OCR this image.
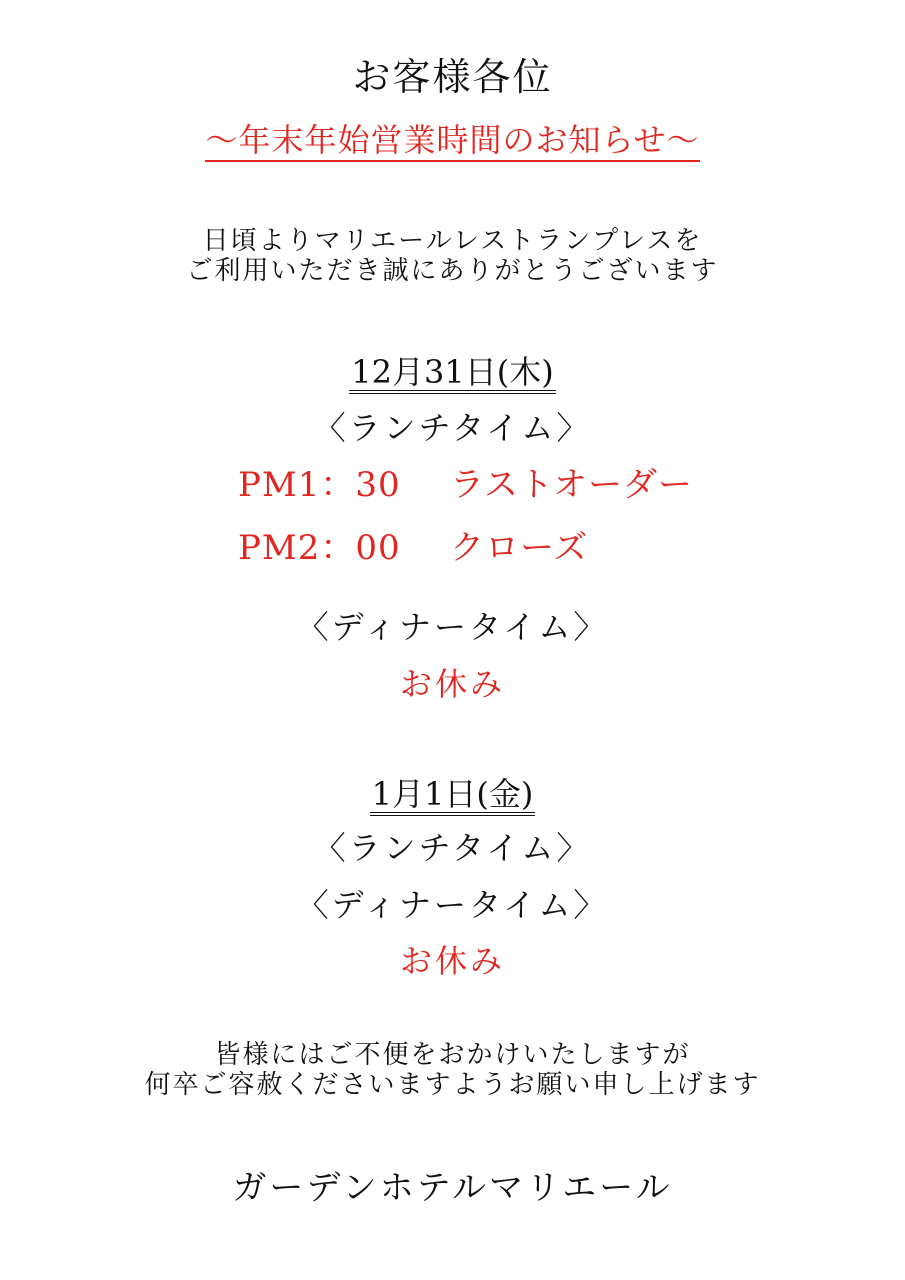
お客様各位
～年末年始営業時間のお知らせ～
日頃よりマリエールレストランプレスを
ご利用いただき誠にありがとうございます
12月31日(木)
〈ランチタイム〉
PM1：30 ラストオーダー
PM2：00 クローズ
〈ディナータイム〉
お休み
1月1日(金)
〈ランチタイム〉
〈ディナータイム〉
お休み
皆様にはご不便をおかけいたしますが
何卒ご容赦くださいますようお願い申し上げます
ガーデンホテルマリエール
